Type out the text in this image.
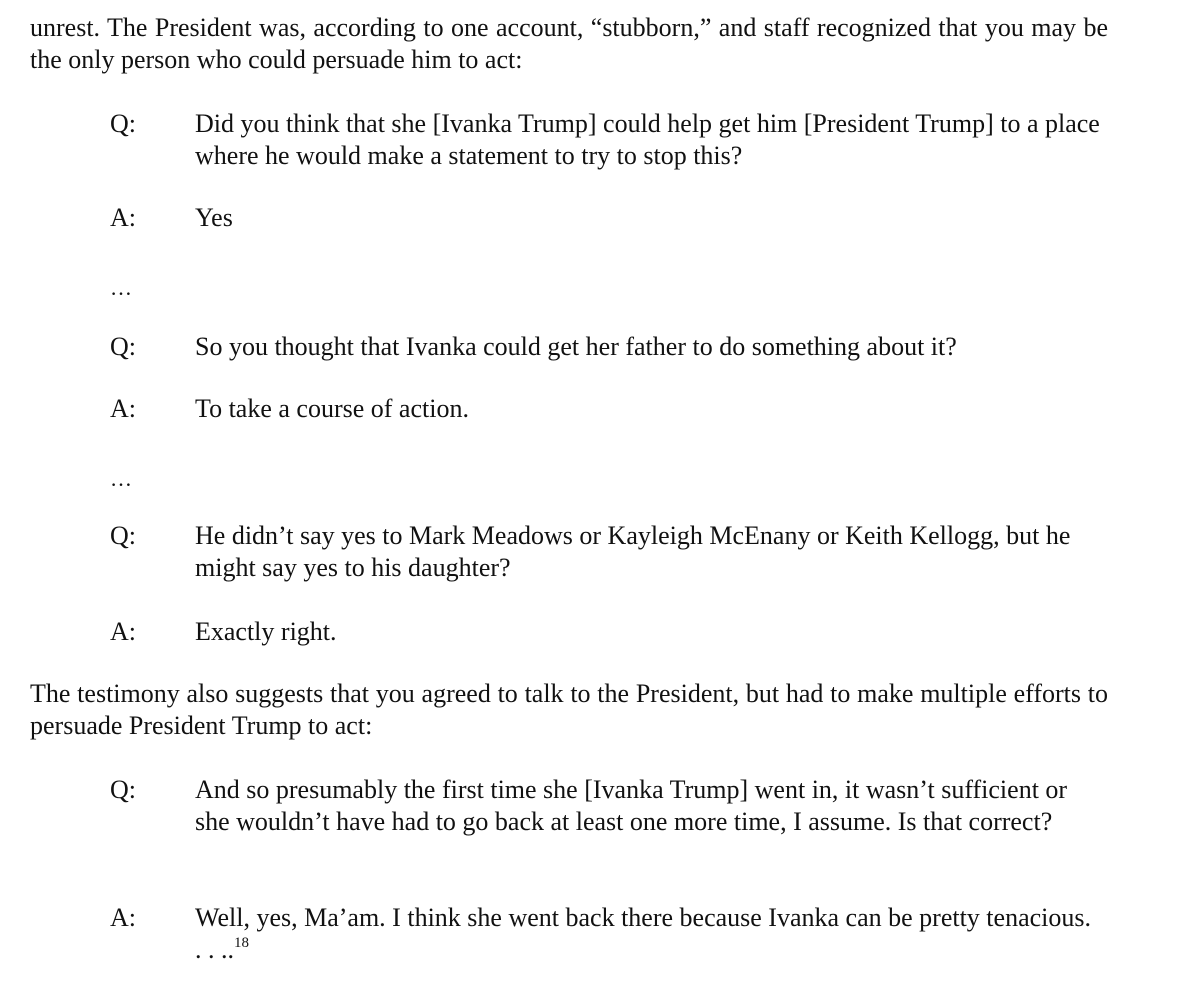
unrest. The President was, according to one account, “stubborn,” and staff recognized that you may be the only person who could persuade him to act:
Q:	Did you think that she [Ivanka Trump] could help get him [President Trump] to a place where he would make a statement to try to stop this?
A:	Yes
…
Q:	So you thought that Ivanka could get her father to do something about it?
A:	To take a course of action.
…
Q:	He didn’t say yes to Mark Meadows or Kayleigh McEnany or Keith Kellogg, but he might say yes to his daughter?
A:	Exactly right.
The testimony also suggests that you agreed to talk to the President, but had to make multiple efforts to persuade President Trump to act:
Q:	And so presumably the first time she [Ivanka Trump] went in, it wasn’t sufficient or she wouldn’t have had to go back at least one more time, I assume. Is that correct?
A:	Well, yes, Ma’am. I think she went back there because Ivanka can be pretty tenacious. . . ..$^{18}$
